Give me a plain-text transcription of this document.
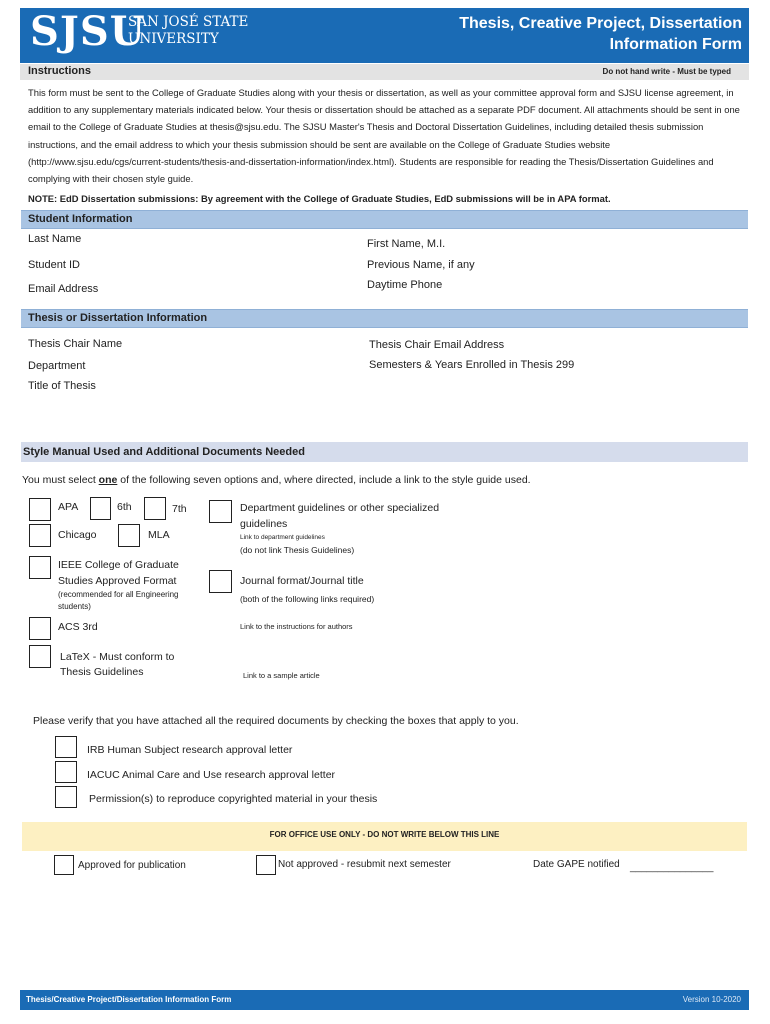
SJSU
SAN JOSÉ STATE
UNIVERSITY
Thesis, Creative Project, Dissertation
Information Form
Instructions	Do not hand write - Must be typed
This form must be sent to the College of Graduate Studies along with your thesis or dissertation, as well as your committee approval form and SJSU license agreement, in addition to any supplementary materials indicated below. Your thesis or dissertation should be attached as a separate PDF document. All attachments should be sent in one email to the College of Graduate Studies at thesis@sjsu.edu. The SJSU Master's Thesis and Doctoral Dissertation Guidelines, including detailed thesis submission instructions, and the email address to which your thesis submission should be sent are available on the College of Graduate Studies website (http://www.sjsu.edu/cgs/current-students/thesis-and-dissertation-information/index.html). Students are responsible for reading the Thesis/Dissertation Guidelines and complying with their chosen style guide.
NOTE: EdD Dissertation submissions: By agreement with the College of Graduate Studies, EdD submissions will be in APA format.
Student Information
Last Name	First Name, M.I.
Student ID	Previous Name, if any
Email Address	Daytime Phone
Thesis or Dissertation Information
Thesis Chair Name	Thesis Chair Email Address
Department	Semesters & Years Enrolled in Thesis 299
Title of Thesis
Style Manual Used and Additional Documents Needed
You must select one of the following seven options and, where directed, include a link to the style guide used.
APA	6th	7th
Chicago	MLA
IEEE College of Graduate
Studies Approved Format
(recommended for all Engineering
students)
ACS 3rd
LaTeX - Must conform to
Thesis Guidelines
Department guidelines or other specialized
guidelines
Link to department guidelines
(do not link Thesis Guidelines)
Journal format/Journal title
(both of the following links required)
Link to the instructions for authors
Link to a sample article
Please verify that you have attached all the required documents by checking the boxes that apply to you.
IRB Human Subject research approval letter
IACUC Animal Care and Use research approval letter
Permission(s) to reproduce copyrighted material in your thesis
FOR OFFICE USE ONLY - DO NOT WRITE BELOW THIS LINE
Approved for publication	Not approved - resubmit next semester	Date GAPE notified _______________
Thesis/Creative Project/Dissertation Information Form	Version 10-2020
